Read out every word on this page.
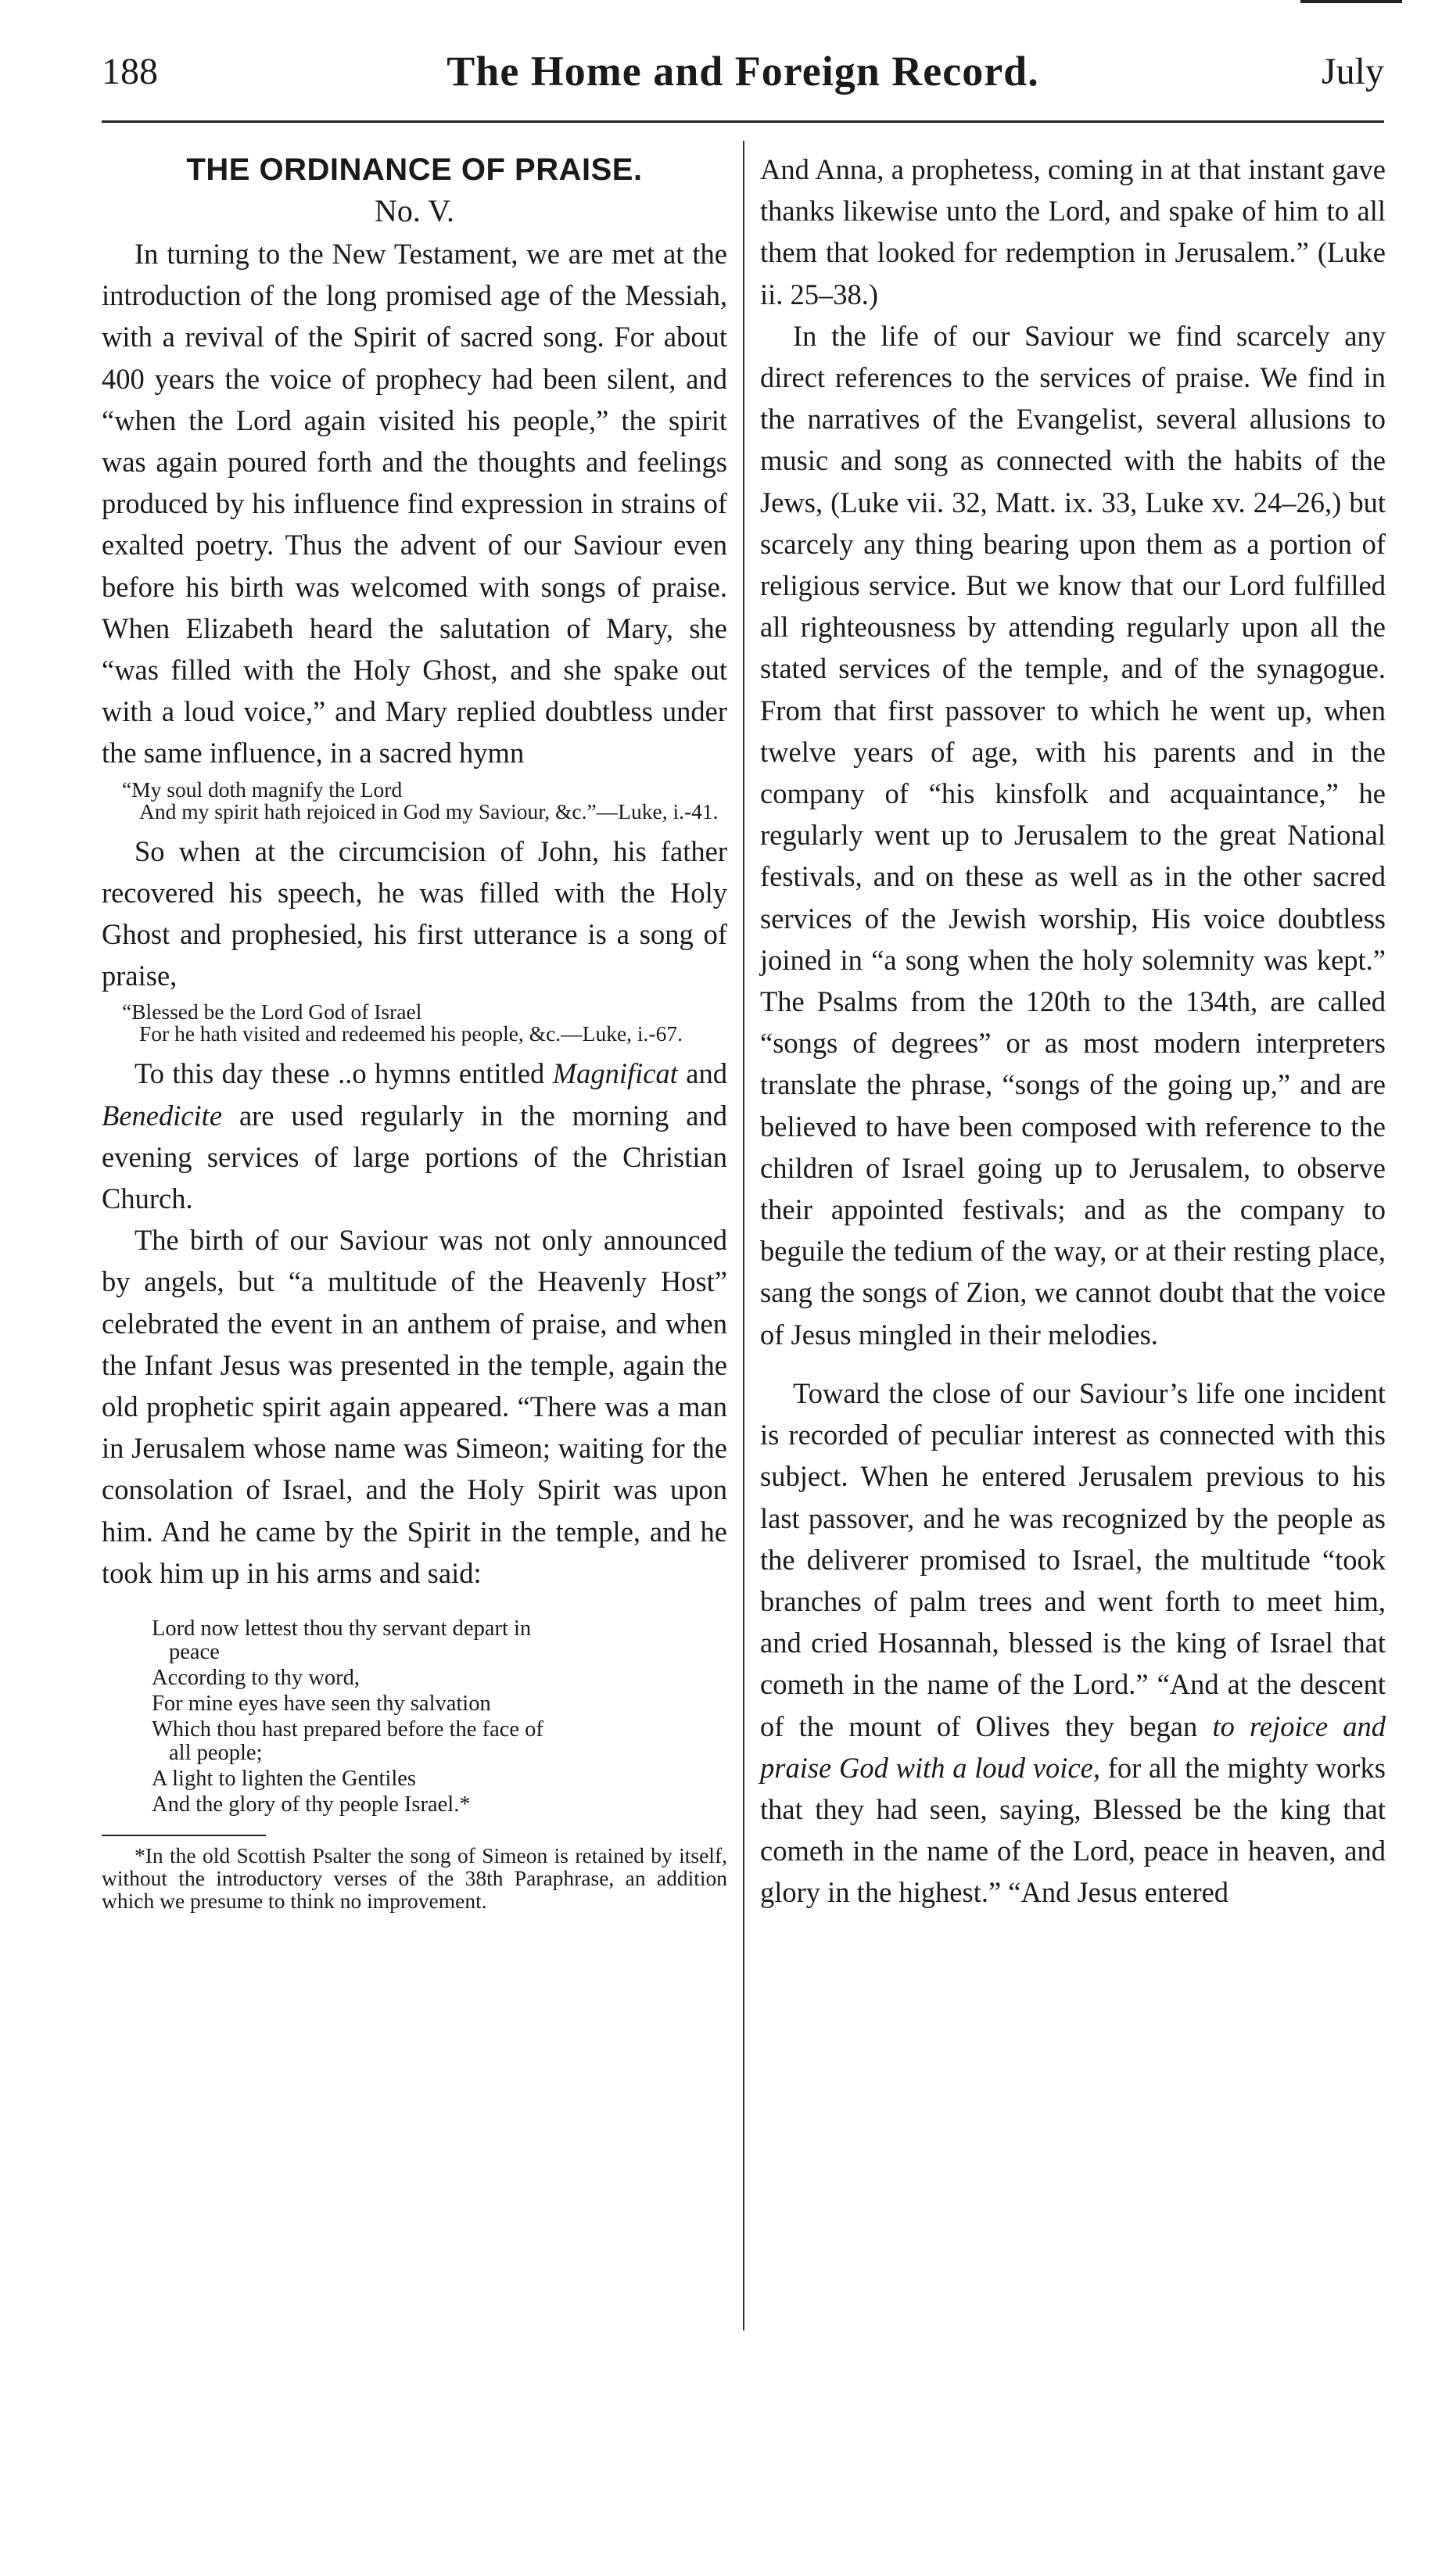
188	The Home and Foreign Record.	July
THE ORDINANCE OF PRAISE.
No. V.

In turning to the New Testament, we are met at the introduction of the long promised age of the Messiah, with a revival of the Spirit of sacred song. For about 400 years the voice of prophecy had been silent, and “when the Lord again visited his people,” the spirit was again poured forth and the thoughts and feelings produced by his influence find expression in strains of exalted poetry. Thus the advent of our Saviour even before his birth was welcomed with songs of praise. When Elizabeth heard the salutation of Mary, she “was filled with the Holy Ghost, and she spake out with a loud voice,” and Mary replied doubtless under the same influence, in a sacred hymn

“My soul doth magnify the Lord
And my spirit hath rejoiced in God my Saviour, &c.”—Luke, i.-41.

So when at the circumcision of John, his father recovered his speech, he was filled with the Holy Ghost and prophesied, his first utterance is a song of praise,

“Blessed be the Lord God of Israel
For he hath visited and redeemed his people, &c.—Luke, i.-67.

To this day these ..o hymns entitled Magnificat and Benedicite are used regularly in the morning and evening services of large portions of the Christian Church.

The birth of our Saviour was not only announced by angels, but “a multitude of the Heavenly Host” celebrated the event in an anthem of praise, and when the Infant Jesus was presented in the temple, again the old prophetic spirit again appeared. “There was a man in Jerusalem whose name was Simeon; waiting for the consolation of Israel, and the Holy Spirit was upon him. And he came by the Spirit in the temple, and he took him up in his arms and said:

Lord now lettest thou thy servant depart in
peace
According to thy word,
For mine eyes have seen thy salvation
Which thou hast prepared before the face of
all people;
A light to lighten the Gentiles
And the glory of thy people Israel.*

*In the old Scottish Psalter the song of Simeon is retained by itself, without the introductory verses of the 38th Paraphrase, an addition which we presume to think no improvement.

And Anna, a prophetess, coming in at that instant gave thanks likewise unto the Lord, and spake of him to all them that looked for redemption in Jerusalem.” (Luke ii. 25–38.)

In the life of our Saviour we find scarcely any direct references to the services of praise. We find in the narratives of the Evangelist, several allusions to music and song as connected with the habits of the Jews, (Luke vii. 32, Matt. ix. 33, Luke xv. 24–26,) but scarcely any thing bearing upon them as a portion of religious service. But we know that our Lord fulfilled all righteousness by attending regularly upon all the stated services of the temple, and of the synagogue. From that first passover to which he went up, when twelve years of age, with his parents and in the company of “his kinsfolk and acquaintance,” he regularly went up to Jerusalem to the great National festivals, and on these as well as in the other sacred services of the Jewish worship, His voice doubtless joined in “a song when the holy solemnity was kept.” The Psalms from the 120th to the 134th, are called “songs of degrees” or as most modern interpreters translate the phrase, “songs of the going up,” and are believed to have been composed with reference to the children of Israel going up to Jerusalem, to observe their appointed festivals; and as the company to beguile the tedium of the way, or at their resting place, sang the songs of Zion, we cannot doubt that the voice of Jesus mingled in their melodies.

Toward the close of our Saviour’s life one incident is recorded of peculiar interest as connected with this subject. When he entered Jerusalem previous to his last passover, and he was recognized by the people as the deliverer promised to Israel, the multitude “took branches of palm trees and went forth to meet him, and cried Hosannah, blessed is the king of Israel that cometh in the name of the Lord.” “And at the descent of the mount of Olives they began to rejoice and praise God with a loud voice, for all the mighty works that they had seen, saying, Blessed be the king that cometh in the name of the Lord, peace in heaven, and glory in the highest.” “And Jesus entered
